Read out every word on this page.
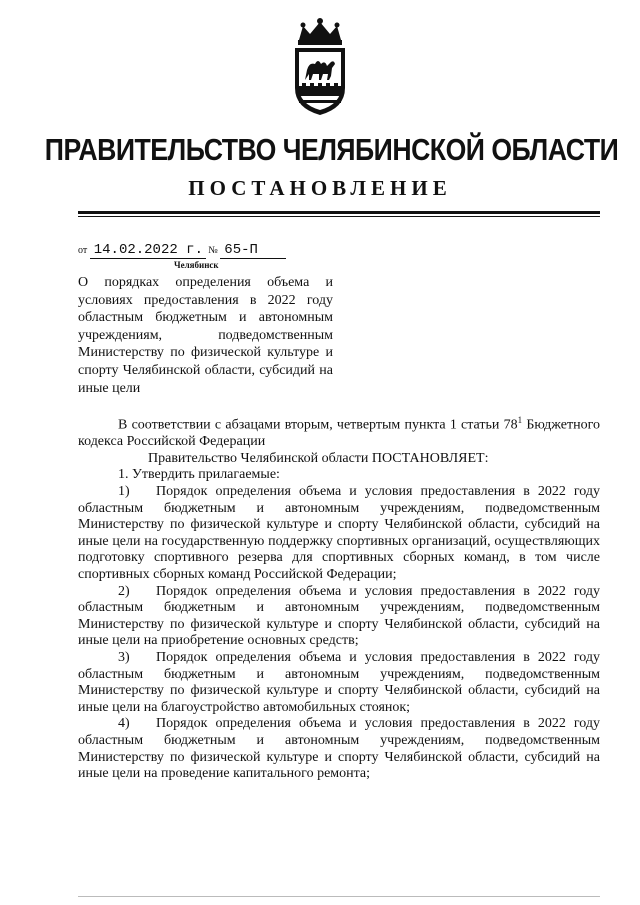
ПРАВИТЕЛЬСТВО ЧЕЛЯБИНСКОЙ ОБЛАСТИ
ПОСТАНОВЛЕНИЕ
от 14.02.2022 г. № 65-П
Челябинск
О порядках определения объема и условиях предоставления в 2022 году областным бюджетным и автономным учреждениям, подведомственным Министерству по физической культуре и спорту Челябинской области, субсидий на иные цели

В соответствии с абзацами вторым, четвертым пункта 1 статьи 78$^1$ Бюджетного кодекса Российской Федерации

Правительство Челябинской области ПОСТАНОВЛЯЕТ:

1. Утвердить прилагаемые:

1) Порядок определения объема и условия предоставления в 2022 году областным бюджетным и автономным учреждениям, подведомственным Министерству по физической культуре и спорту Челябинской области, субсидий на иные цели на государственную поддержку спортивных организаций, осуществляющих подготовку спортивного резерва для спортивных сборных команд, в том числе спортивных сборных команд Российской Федерации;

2) Порядок определения объема и условия предоставления в 2022 году областным бюджетным и автономным учреждениям, подведомственным Министерству по физической культуре и спорту Челябинской области, субсидий на иные цели на приобретение основных средств;

3) Порядок определения объема и условия предоставления в 2022 году областным бюджетным и автономным учреждениям, подведомственным Министерству по физической культуре и спорту Челябинской области, субсидий на иные цели на благоустройство автомобильных стоянок;

4) Порядок определения объема и условия предоставления в 2022 году областным бюджетным и автономным учреждениям, подведомственным Министерству по физической культуре и спорту Челябинской области, субсидий на иные цели на проведение капитального ремонта;
